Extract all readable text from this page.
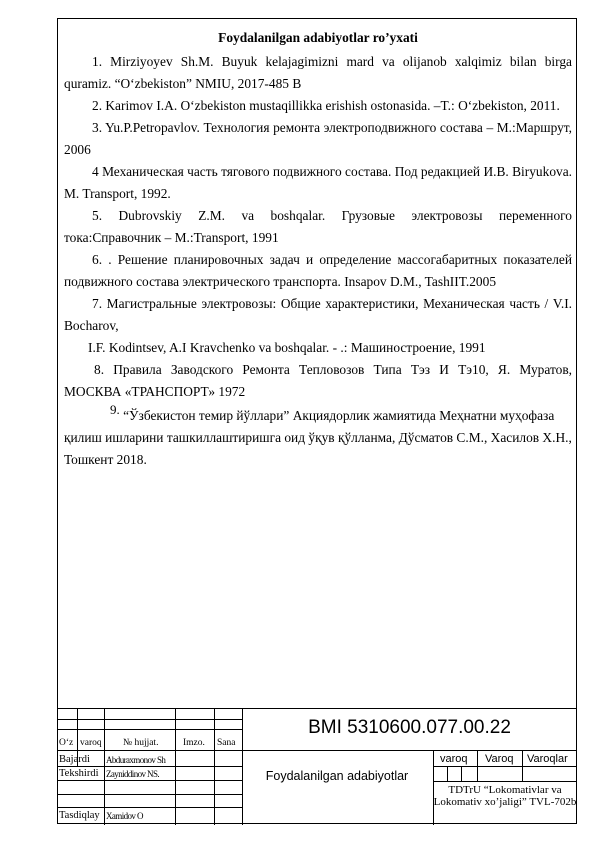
Foydalanilgan adabiyotlar ro’yxati

1. Mirziyoyev Sh.M. Buyuk kelajagimizni mard va olijanob xalqimiz bilan birga quramiz. “O‘zbekiston” NMIU, 2017-485 B

2. Karimov I.A. O‘zbekiston mustaqillikka erishish ostonasida. –T.: O‘zbekiston, 2011.

3. Yu.P.Petropavlov. Технология ремонта электроподвижного состава – М.:Маршрут, 2006

4 Механическая часть тягового подвижного состава. Под редакцией И.В. Biryukova. M. Transport, 1992.

5. Dubrovskiy Z.M. va boshqalar. Грузовые электровозы переменного тока:Справочник – М.:Transport, 1991

6. . Решение планировочных задач и определение массогабаритных показателей подвижного состава электрического транспорта. Insapov D.M., TashIIT.2005

7. Магистральные электровозы: Общие характеристики, Механическая часть / V.I. Bocharov,

I.F. Kodintsev, A.I Kravchenko va boshqalar. - .: Машиностроение, 1991

8. Правила Заводского Ремонта Тепловозов Типа Тэз И Тэ10, Я. Муратов, МОСКВА «ТРАНСПОРТ» 1972

9. “Ўзбекистон темир йўллари” Акциядорлик жамиятида Меҳнатни муҳофаза қилиш ишларини ташкиллаштиришга оид ўқув қўлланма, Дўсматов С.М., Хасилов Х.Н., Тошкент 2018.

BMI 5310600.077.00.22
O‘z varoq № hujjat.	Imzo. Sana
Bajardi Abduraxmonov Sh
Tekshirdi Zayniddinov NS.
Tasdiqlay Xamidov O
Foydalanilgan adabiyotlar
varoq Varoq Varoqlar
TDTrU “Lokomativlar va Lokomativ xo’jaligi” TVL-702b
